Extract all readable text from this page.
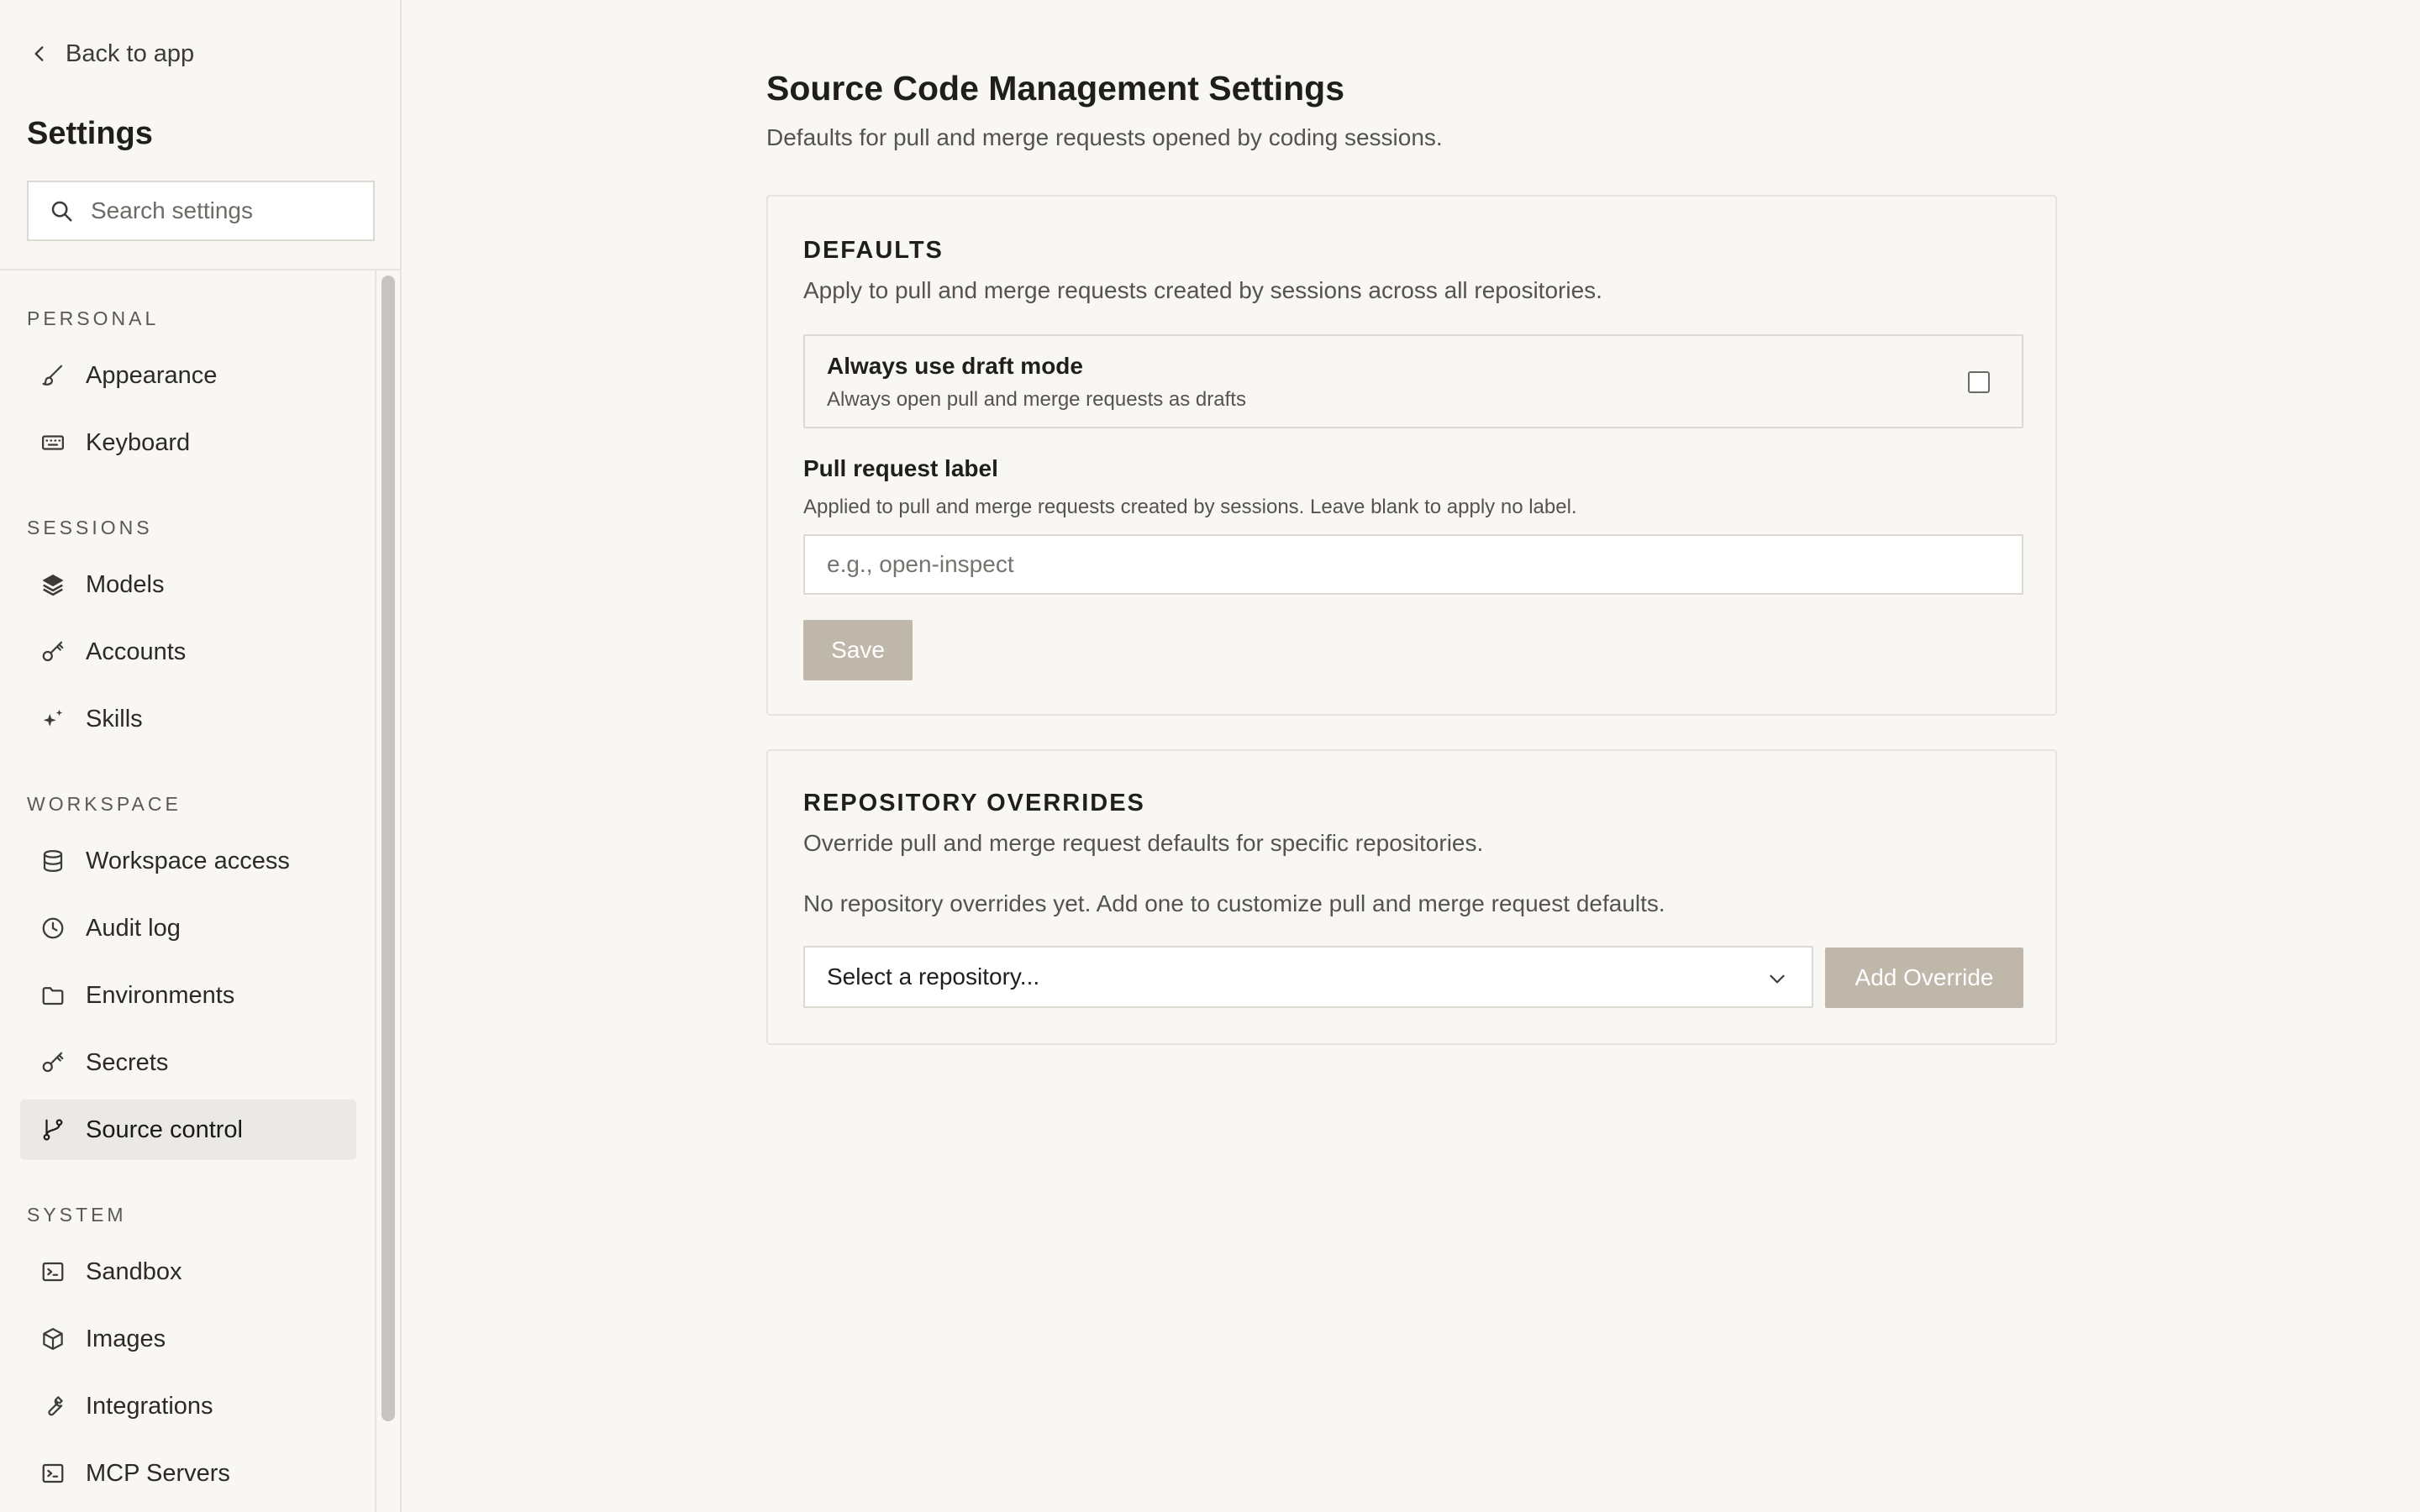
Back to app
Settings
Search settings
PERSONAL
Appearance
Keyboard
SESSIONS
Models
Accounts
Skills
WORKSPACE
Workspace access
Audit log
Environments
Secrets
Source control
SYSTEM
Sandbox
Images
Integrations
MCP Servers
Source Code Management Settings

Defaults for pull and merge requests opened by coding sessions.

DEFAULTS
Apply to pull and merge requests created by sessions across all repositories.
Always use draft mode
Always open pull and merge requests as drafts
Pull request label
Applied to pull and merge requests created by sessions. Leave blank to apply no label.
e.g., open-inspect
Save
REPOSITORY OVERRIDES
Override pull and merge request defaults for specific repositories.
No repository overrides yet. Add one to customize pull and merge request defaults.
Select a repository...	Add Override
